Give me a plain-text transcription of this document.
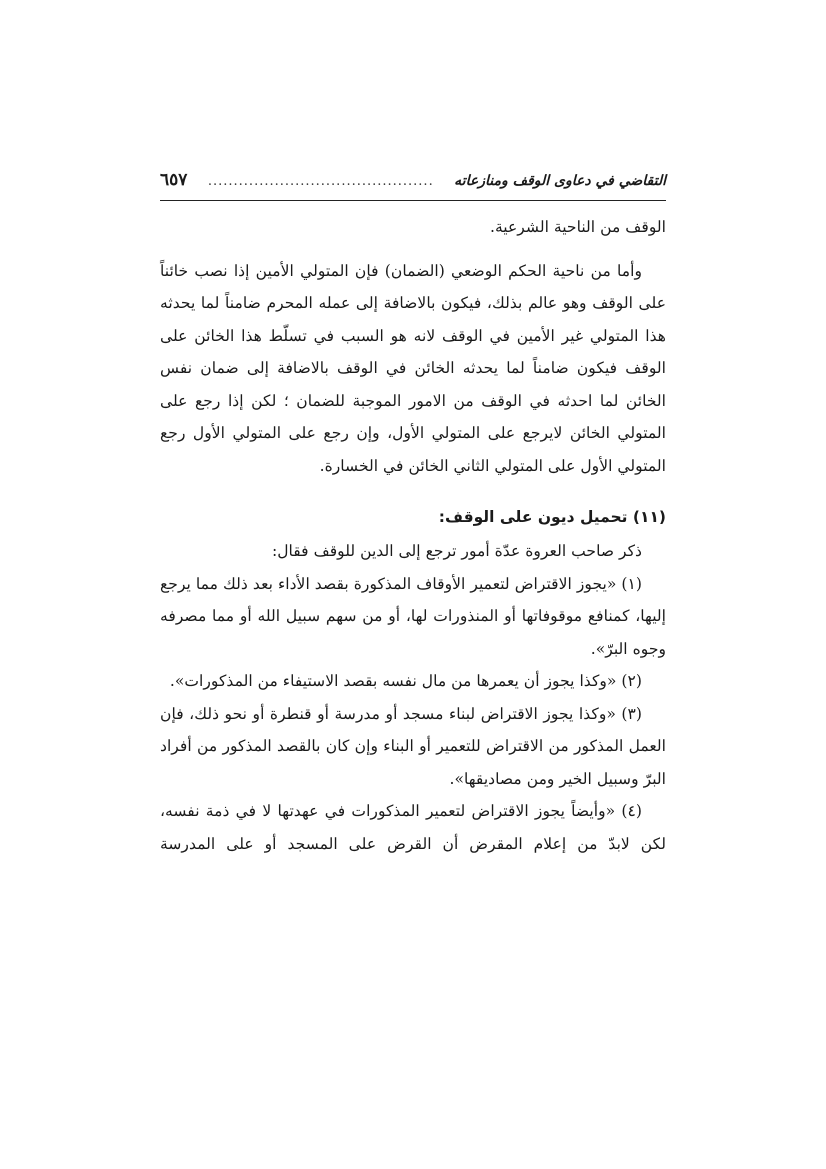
التقاضي في دعاوى الوقف ومنازعاته
............................................
٦٥٧

الوقف من الناحية الشرعية.

وأما من ناحية الحكم الوضعي (الضمان) فإن المتولي الأمين إذا نصب خائناً على الوقف وهو عالم بذلك، فيكون بالاضافة إلى عمله المحرم ضامناً لما يحدثه هذا المتولي غير الأمين في الوقف لانه هو السبب في تسلّط هذا الخائن على الوقف فيكون ضامناً لما يحدثه الخائن في الوقف بالاضافة إلى ضمان نفس الخائن لما احدثه في الوقف من الامور الموجبة للضمان ؛ لكن إذا رجع على المتولي الخائن لايرجع على المتولي الأول، وإن رجع على المتولي الأول رجع المتولي الأول على المتولي الثاني الخائن في الخسارة.

(١١) تحميل ديون على الوقف:

ذكر صاحب العروة عدّة أمور ترجع إلى الدين للوقف فقال:

(١) «يجوز الاقتراض لتعمير الأوقاف المذكورة بقصد الأداء بعد ذلك مما يرجع إليها، كمنافع موقوفاتها أو المنذورات لها، أو من سهم سبيل الله أو مما مصرفه وجوه البرّ».

(٢) «وكذا يجوز أن يعمرها من مال نفسه بقصد الاستيفاء من المذكورات».

(٣) «وكذا يجوز الاقتراض لبناء مسجد أو مدرسة أو قنطرة أو نحو ذلك، فإن العمل المذكور من الاقتراض للتعمير أو البناء وإن كان بالقصد المذكور من أفراد البرّ وسبيل الخير ومن مصاديقها».

(٤) «وأيضاً يجوز الاقتراض لتعمير المذكورات في عهدتها لا في ذمة نفسه، لكن لابدّ من إعلام المقرض أن القرض على المسجد أو على المدرسة
